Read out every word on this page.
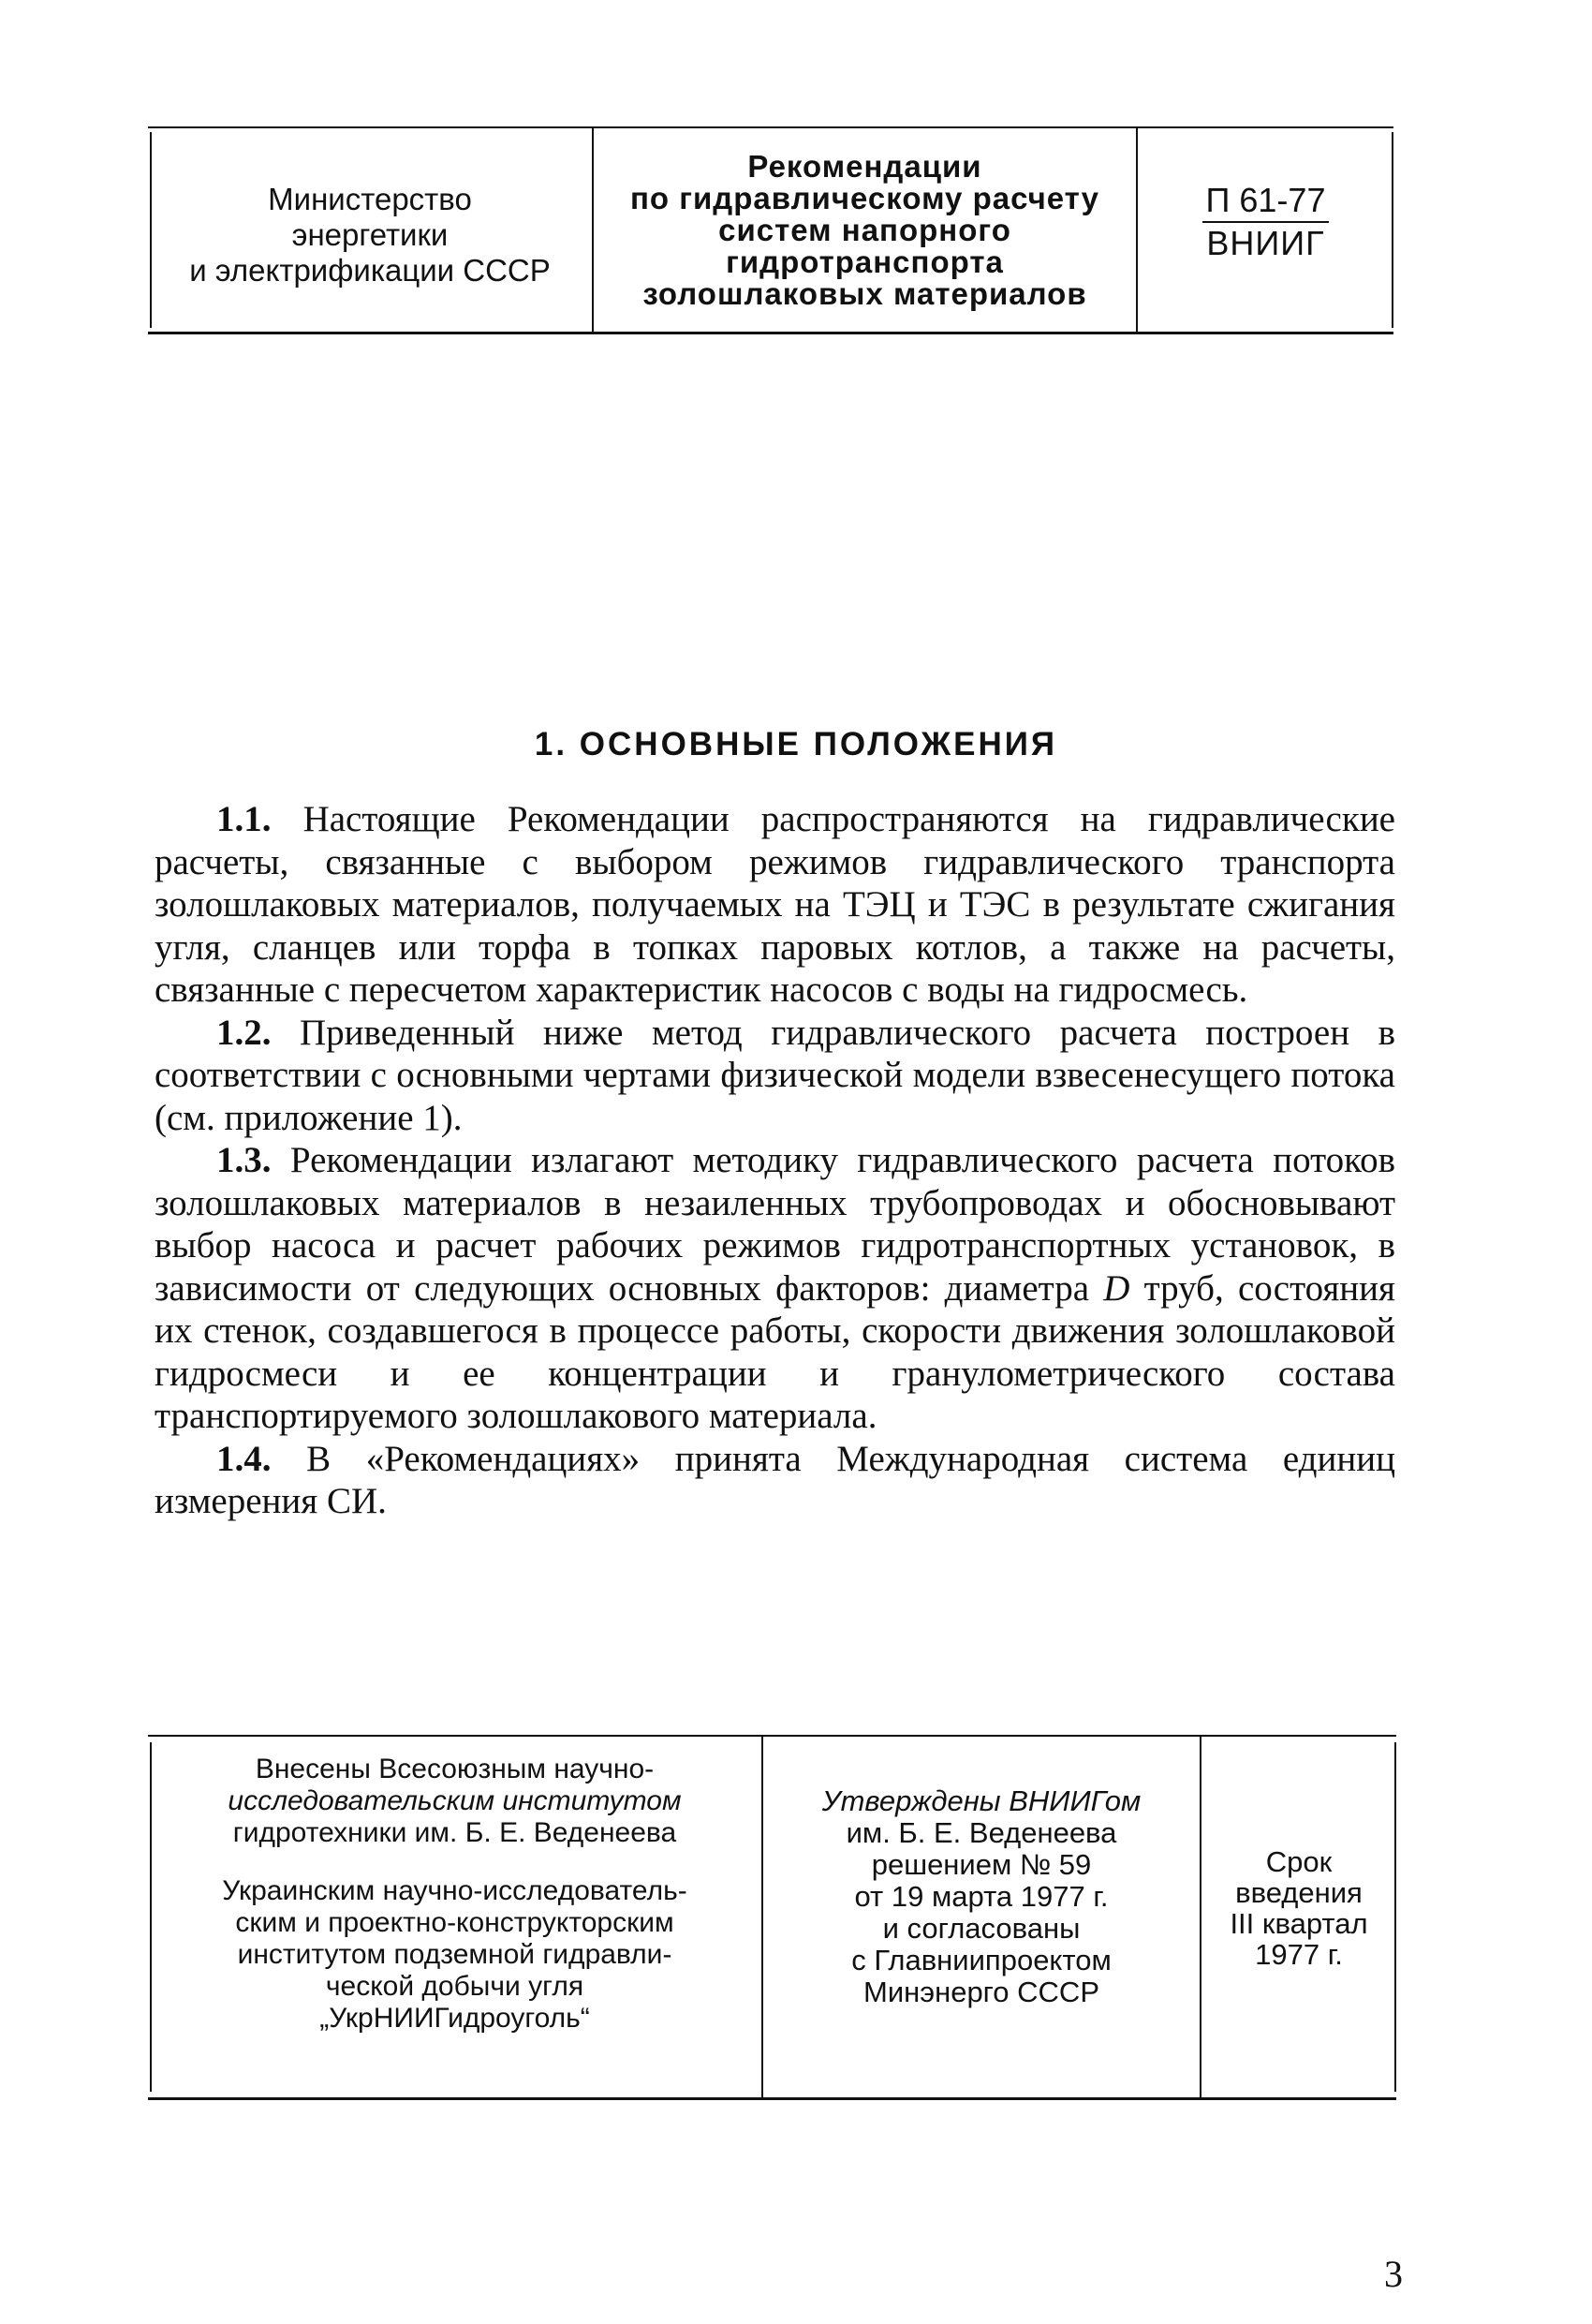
Министерство
энергетики
и электрификации СССР
Рекомендации
по гидравлическому расчету
систем напорного
гидротранспорта
золошлаковых материалов
П 61-77
ВНИИГ
1. ОСНОВНЫЕ ПОЛОЖЕНИЯ

1.1. Настоящие Рекомендации распространяются на гидравлические расчеты, связанные с выбором режимов гидравлического транспорта золошлаковых материалов, получаемых на ТЭЦ и ТЭС в результате сжигания угля, сланцев или торфа в топках паровых котлов, а также на расчеты, связанные с пересчетом характеристик насосов с воды на гидросмесь.

1.2. Приведенный ниже метод гидравлического расчета построен в соответствии с основными чертами физической модели взвесенесущего потока (см. приложение 1).

1.3. Рекомендации излагают методику гидравлического расчета потоков золошлаковых материалов в незаиленных трубопроводах и обосновывают выбор насоса и расчет рабочих режимов гидротранспортных установок, в зависимости от следующих основных факторов: диаметра D труб, состояния их стенок, создавшегося в процессе работы, скорости движения золошлаковой гидросмеси и ее концентрации и гранулометрического состава транспортируемого золошлакового материала.

1.4. В «Рекомендациях» принята Международная система единиц измерения СИ.

Внесены Всесоюзным научно-
исследовательским институтом
гидротехники им. Б. Е. Веденеева
Украинским научно-исследователь-
ским и проектно-конструкторским
институтом подземной гидравли-
ческой добычи угля
„УкрНИИГидроуголь“
Утверждены ВНИИГом
им. Б. Е. Веденеева
решением № 59
от 19 марта 1977 г.
и согласованы
с Главниипроектом
Минэнерго СССР
Срок
введения
III квартал
1977 г.
3
